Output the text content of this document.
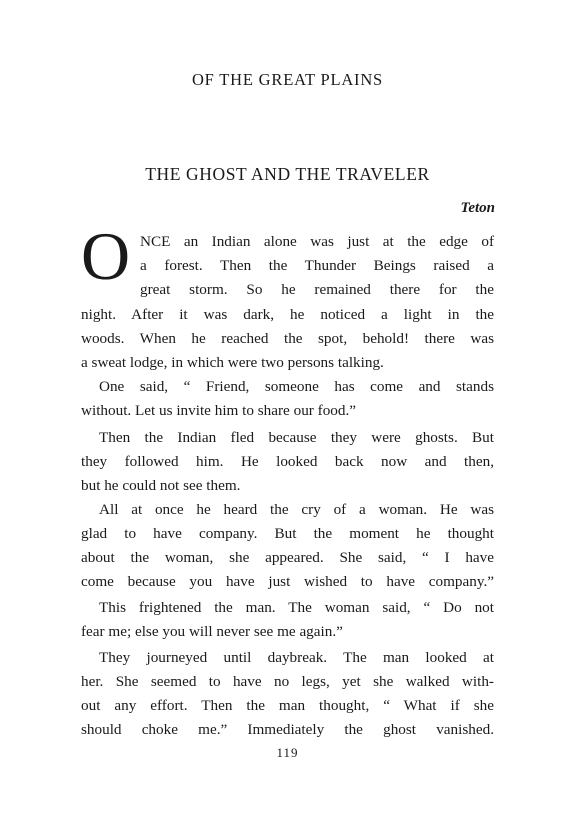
OF THE GREAT PLAINS
THE GHOST AND THE TRAVELER
Teton
O NCE an Indian alone was just at the edge of
a forest. Then the Thunder Beings raised a
great storm. So he remained there for the
night. After it was dark, he noticed a light in the
woods. When he reached the spot, behold! there was
a sweat lodge, in which were two persons talking.
One said, “ Friend, someone has come and stands
without. Let us invite him to share our food.”
Then the Indian fled because they were ghosts. But
they followed him. He looked back now and then,
but he could not see them.
All at once he heard the cry of a woman. He was
glad to have company. But the moment he thought
about the woman, she appeared. She said, “ I have
come because you have just wished to have company.”
This frightened the man. The woman said, “ Do not
fear me; else you will never see me again.”
They journeyed until daybreak. The man looked at
her. She seemed to have no legs, yet she walked with-
out any effort. Then the man thought, “ What if she
should choke me.” Immediately the ghost vanished.
119
